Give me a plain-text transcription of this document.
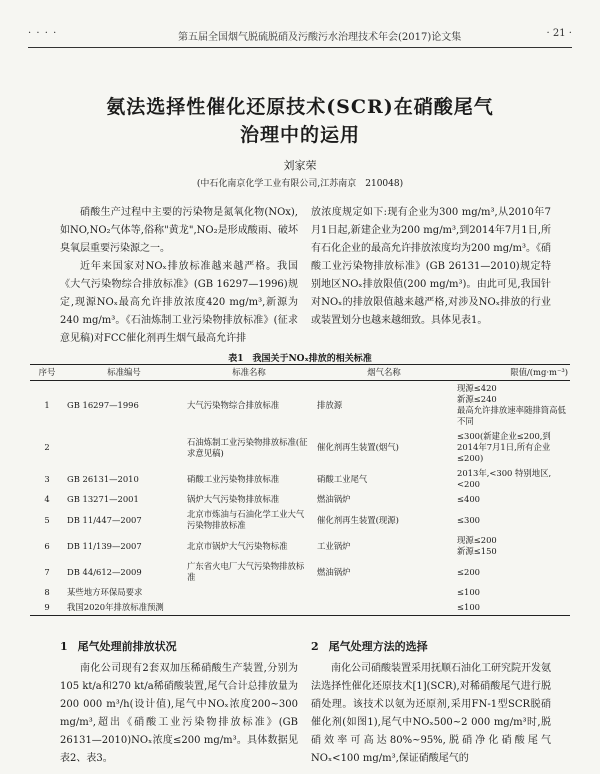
· · · ·	第五届全国烟气脱硫脱硝及污酸污水治理技术年会(2017)论文集	· 21 ·
氨法选择性催化还原技术(SCR)在硝酸尾气
治理中的运用
刘家荣
(中石化南京化学工业有限公司,江苏南京　210048)

硝酸生产过程中主要的污染物是氮氧化物(NOx),如NO,NO₂气体等,俗称"黄龙",NO₂是形成酸雨、破坏臭氧层重要污染源之一。

近年来国家对NOₓ排放标准越来越严格。我国《大气污染物综合排放标准》(GB 16297—1996)规定,现源NOₓ最高允许排放浓度420 mg/m³,新源为240 mg/m³。《石油炼制工业污染物排放标准》(征求意见稿)对FCC催化剂再生烟气最高允许排

放浓度规定如下:现有企业为300 mg/m³,从2010年7月1日起,新建企业为200 mg/m³,到2014年7月1日,所有石化企业的最高允许排放浓度均为200 mg/m³。《硝酸工业污染物排放标准》(GB 26131—2010)规定特别地区NOₓ排放限值(200 mg/m³)。由此可见,我国针对NOₓ的排放限值越来越严格,对涉及NOₓ排放的行业或装置划分也越来越细致。具体见表1。

表1　我国关于NOₓ排放的相关标准
序号	标准编号	标准名称	烟气名称	限值/(mg·m⁻³)
1	GB 16297—1996	大气污染物综合排放标准	排放源	现源≤420
新源≤240
最高允许排放速率随排筒高低不同
2		石油炼制工业污染物排放标准(征求意见稿)	催化剂再生装置(烟气)	≤300(新建企业≤200,到2014年7月1日,所有企业≤200)
3	GB 26131—2010	硝酸工业污染物排放标准	硝酸工业尾气	2013年,<300 特别地区,<200
4	GB 13271—2001	锅炉大气污染物排放标准	燃油锅炉	≤400
5	DB 11/447—2007	北京市炼油与石油化学工业大气污染物排放标准	催化剂再生装置(现源)	≤300
6	DB 11/139—2007	北京市锅炉大气污染物标准	工业锅炉	现源≤200
新源≤150
7	DB 44/612—2009	广东省火电厂大气污染物排放标准	燃油锅炉	≤200
8	某些地方环保局要求			≤100
9	我国2020年排放标准预测			≤100
1 尾气处理前排放状况

南化公司现有2套双加压稀硝酸生产装置,分别为105 kt/a和270 kt/a稀硝酸装置,尾气合计总排放量为200 000 m³/h(设计值),尾气中NOₓ浓度200~300 mg/m³,超出《硝酸工业污染物排放标准》(GB 26131—2010)NOₓ浓度≤200 mg/m³。具体数据见表2、表3。

2 尾气处理方法的选择

南化公司硝酸装置采用抚顺石油化工研究院开发氨法选择性催化还原技术[1](SCR),对稀硝酸尾气进行脱硝处理。该技术以氨为还原剂,采用FN-1型SCR脱硝催化剂(如图1),尾气中NOₓ500~2 000 mg/m³时,脱硝效率可高达80%~95%,脱硝净化硝酸尾气NOₓ<100 mg/m³,保证硝酸尾气的
